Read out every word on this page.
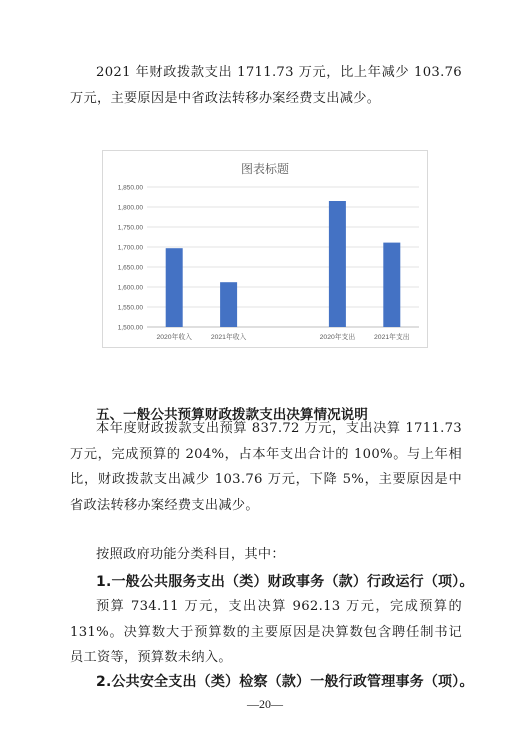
2021 年财政拨款支出 1711.73 万元，比上年减少 103.76
万元，主要原因是中省政法转移办案经费支出减少。

图表标题
1,500.00
1,550.00
1,600.00
1,650.00
1,700.00
1,750.00
1,800.00
1,850.00
2020年收入	2021年收入	2020年支出	2021年支出
五、一般公共预算财政拨款支出决算情况说明

本年度财政拨款支出预算 837.72 万元，支出决算 1711.73
万元，完成预算的 204%，占本年支出合计的 100%。与上年相
比，财政拨款支出减少 103.76 万元，下降 5%，主要原因是中
省政法转移办案经费支出减少。

按照政府功能分类科目，其中：

1.一般公共服务支出（类）财政事务（款）行政运行（项）。

预算 734.11 万元，支出决算 962.13 万元，完成预算的
131%。决算数大于预算数的主要原因是决算数包含聘任制书记
员工资等，预算数未纳入。

2.公共安全支出（类）检察（款）一般行政管理事务（项）。
—20—
